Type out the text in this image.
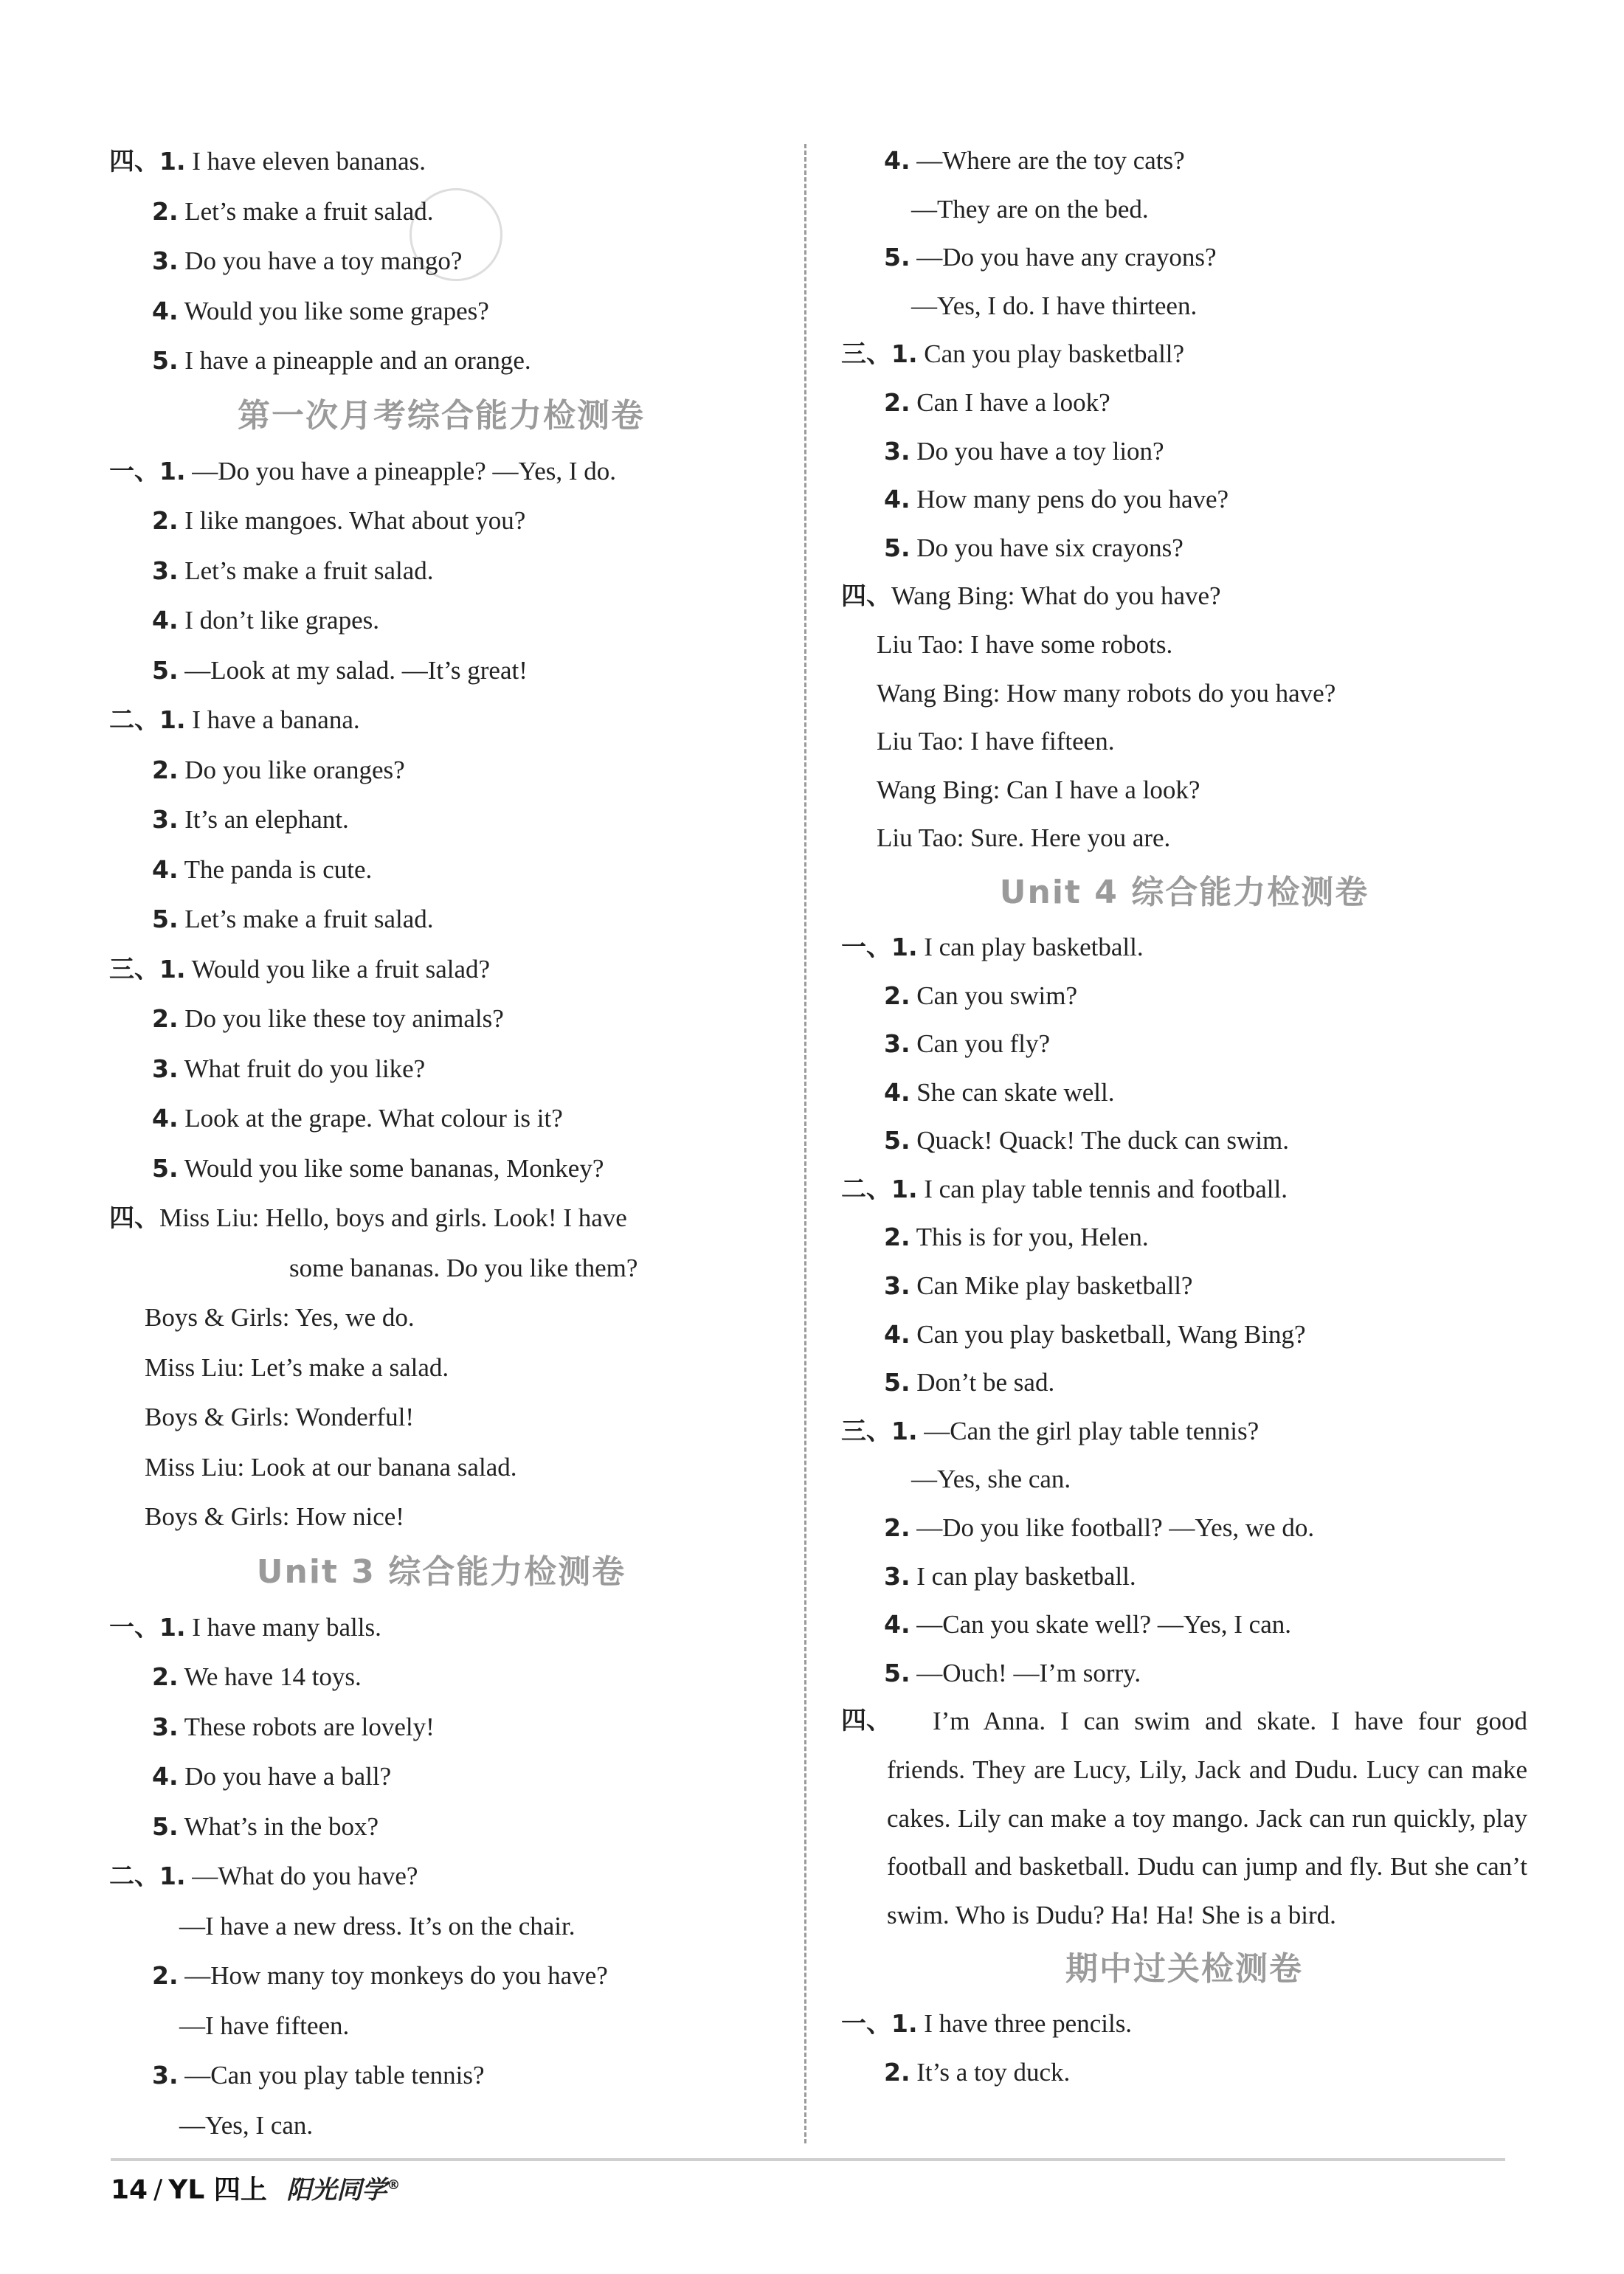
四、1. I have eleven bananas.
2. Let’s make a fruit salad.
3. Do you have a toy mango?
4. Would you like some grapes?
5. I have a pineapple and an orange.
第一次月考综合能力检测卷
一、1. —Do you have a pineapple? —Yes, I do.
2. I like mangoes. What about you?
3. Let’s make a fruit salad.
4. I don’t like grapes.
5. —Look at my salad. —It’s great!
二、1. I have a banana.
2. Do you like oranges?
3. It’s an elephant.
4. The panda is cute.
5. Let’s make a fruit salad.
三、1. Would you like a fruit salad?
2. Do you like these toy animals?
3. What fruit do you like?
4. Look at the grape. What colour is it?
5. Would you like some bananas, Monkey?
四、Miss Liu: Hello, boys and girls. Look! I have
some bananas. Do you like them?
Boys & Girls: Yes, we do.
Miss Liu: Let’s make a salad.
Boys & Girls: Wonderful!
Miss Liu: Look at our banana salad.
Boys & Girls: How nice!
Unit 3 综合能力检测卷
一、1. I have many balls.
2. We have 14 toys.
3. These robots are lovely!
4. Do you have a ball?
5. What’s in the box?
二、1. —What do you have?
—I have a new dress. It’s on the chair.
2. —How many toy monkeys do you have?
—I have fifteen.
3. —Can you play table tennis?
—Yes, I can.
4. —Where are the toy cats?
—They are on the bed.
5. —Do you have any crayons?
—Yes, I do. I have thirteen.
三、1. Can you play basketball?
2. Can I have a look?
3. Do you have a toy lion?
4. How many pens do you have?
5. Do you have six crayons?
四、Wang Bing: What do you have?
Liu Tao: I have some robots.
Wang Bing: How many robots do you have?
Liu Tao: I have fifteen.
Wang Bing: Can I have a look?
Liu Tao: Sure. Here you are.
Unit 4 综合能力检测卷
一、1. I can play basketball.
2. Can you swim?
3. Can you fly?
4. She can skate well.
5. Quack! Quack! The duck can swim.
二、1. I can play table tennis and football.
2. This is for you, Helen.
3. Can Mike play basketball?
4. Can you play basketball, Wang Bing?
5. Don’t be sad.
三、1. —Can the girl play table tennis?
—Yes, she can.
2. —Do you like football? —Yes, we do.
3. I can play basketball.
4. —Can you skate well? —Yes, I can.
5. —Ouch! —I’m sorry.
四、	I’m Anna. I can swim and skate. I have four good friends. They are Lucy, Lily, Jack and Dudu. Lucy can make cakes. Lily can make a toy mango. Jack can run quickly, play football and basketball. Dudu can jump and fly. But she can’t swim. Who is Dudu? Ha! Ha! She is a bird.
期中过关检测卷
一、1. I have three pencils.
2. It’s a toy duck.
14 / YL 四上 阳光同学®
